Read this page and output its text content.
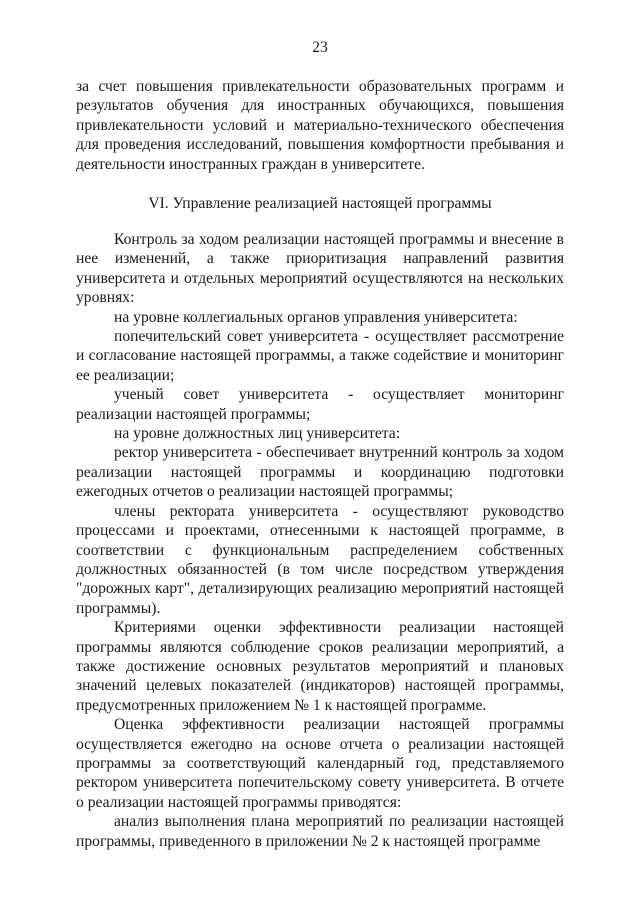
23

за счет повышения привлекательности образовательных программ и результатов обучения для иностранных обучающихся, повышения привлекательности условий и материально-технического обеспечения для проведения исследований, повышения комфортности пребывания и деятельности иностранных граждан в университете.

VI. Управление реализацией настоящей программы

Контроль за ходом реализации настоящей программы и внесение в нее изменений, а также приоритизация направлений развития университета и отдельных мероприятий осуществляются на нескольких уровнях:

на уровне коллегиальных органов управления университета:

попечительский совет университета - осуществляет рассмотрение и согласование настоящей программы, а также содействие и мониторинг ее реализации;

ученый совет университета - осуществляет мониторинг реализации настоящей программы;

на уровне должностных лиц университета:

ректор университета - обеспечивает внутренний контроль за ходом реализации настоящей программы и координацию подготовки ежегодных отчетов о реализации настоящей программы;

члены ректората университета - осуществляют руководство процессами и проектами, отнесенными к настоящей программе, в соответствии с функциональным распределением собственных должностных обязанностей (в том числе посредством утверждения "дорожных карт", детализирующих реализацию мероприятий настоящей программы).

Критериями оценки эффективности реализации настоящей программы являются соблюдение сроков реализации мероприятий, а также достижение основных результатов мероприятий и плановых значений целевых показателей (индикаторов) настоящей программы, предусмотренных приложением № 1 к настоящей программе.

Оценка эффективности реализации настоящей программы осуществляется ежегодно на основе отчета о реализации настоящей программы за соответствующий календарный год, представляемого ректором университета попечительскому совету университета. В отчете о реализации настоящей программы приводятся:

анализ выполнения плана мероприятий по реализации настоящей программы, приведенного в приложении № 2 к настоящей программе
